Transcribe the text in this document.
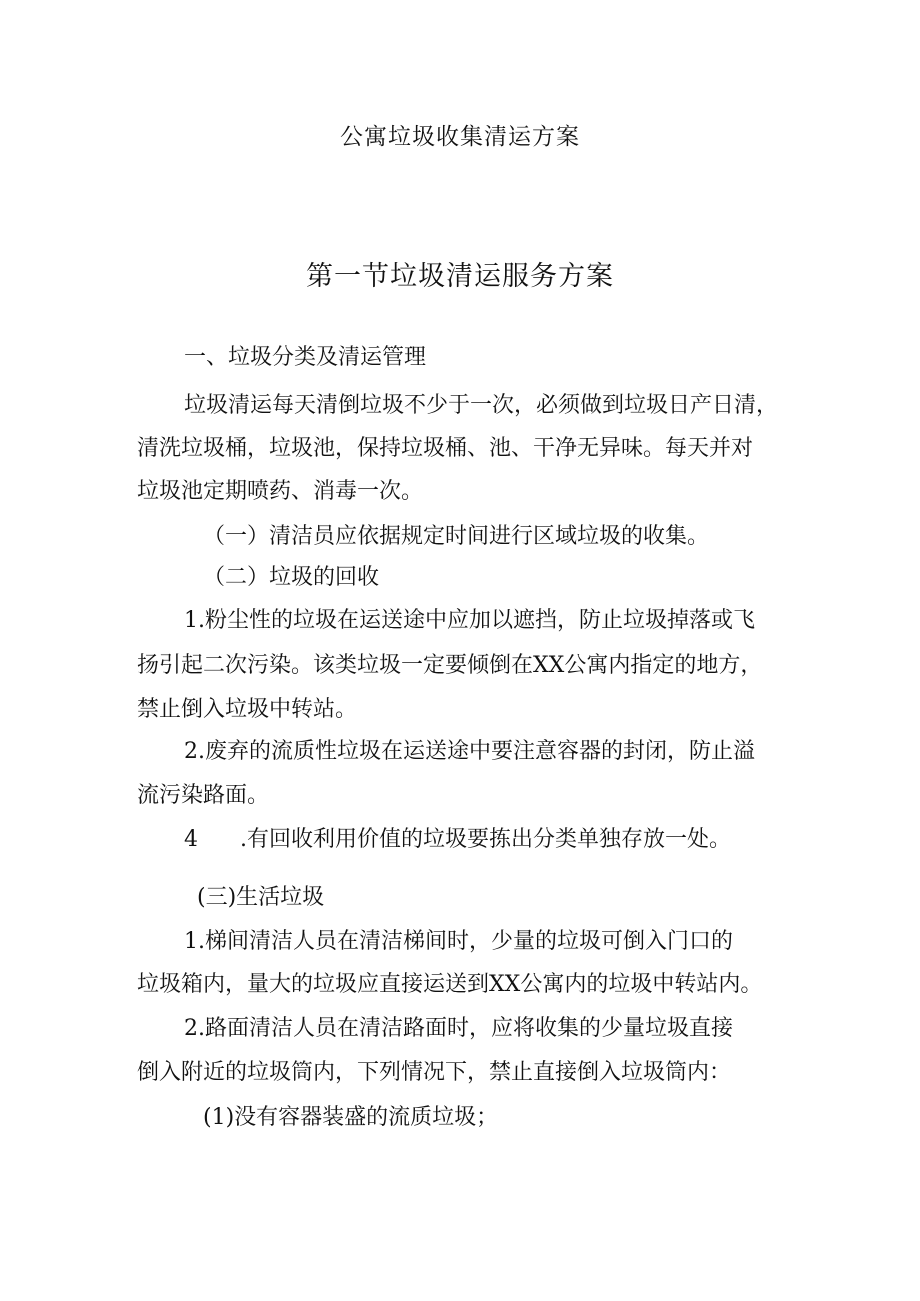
公寓垃圾收集清运方案
第一节垃圾清运服务方案
一、垃圾分类及清运管理
垃圾清运每天清倒垃圾不少于一次，必须做到垃圾日产日清，
清洗垃圾桶，垃圾池，保持垃圾桶、池、干净无异味。每天并对
垃圾池定期喷药、消毒一次。
（一）清洁员应依据规定时间进行区域垃圾的收集。
（二）垃圾的回收
1.粉尘性的垃圾在运送途中应加以遮挡，防止垃圾掉落或飞
扬引起二次污染。该类垃圾一定要倾倒在XX公寓内指定的地方，
禁止倒入垃圾中转站。
2.废弃的流质性垃圾在运送途中要注意容器的封闭，防止溢
流污染路面。
4 .有回收利用价值的垃圾要拣出分类单独存放一处。
(三)生活垃圾
1.梯间清洁人员在清洁梯间时，少量的垃圾可倒入门口的
垃圾箱内，量大的垃圾应直接运送到XX公寓内的垃圾中转站内。
2.路面清洁人员在清洁路面时，应将收集的少量垃圾直接
倒入附近的垃圾筒内，下列情况下，禁止直接倒入垃圾筒内：
(1)没有容器装盛的流质垃圾；
